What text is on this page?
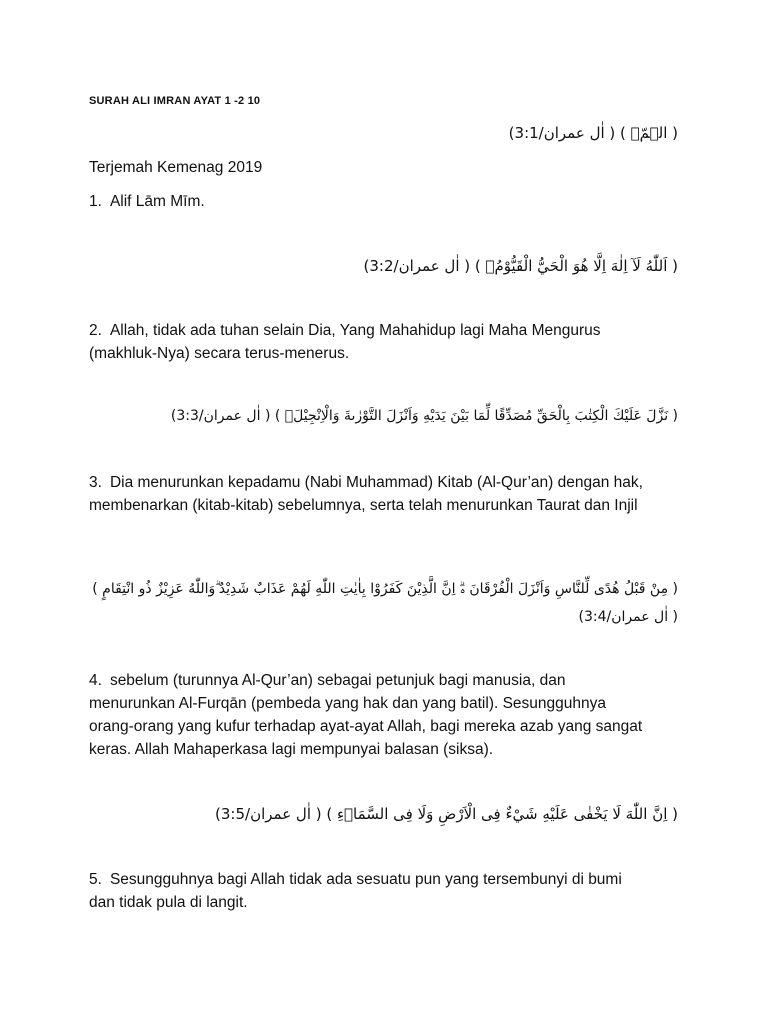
SURAH ALI IMRAN AYAT 1 -2 10
( الۤمّۤ ) ( اٰل عمران/3:1)
Terjemah Kemenag 2019
1. Alif Lām Mīm.
( اَللّٰهُ لَآ اِلٰهَ اِلَّا هُوَ الْحَيُّ الْقَيُّوْمُۗ ) ( اٰل عمران/3:2)
2. Allah, tidak ada tuhan selain Dia, Yang Mahahidup lagi Maha Mengurus (makhluk-Nya) secara terus-menerus.
( نَزَّلَ عَلَيْكَ الْكِتٰبَ بِالْحَقِّ مُصَدِّقًا لِّمَا بَيْنَ يَدَيْهِ وَاَنْزَلَ التَّوْرٰىةَ وَالْاِنْجِيْلَۙ ) ( اٰل عمران/3:3)
3. Dia menurunkan kepadamu (Nabi Muhammad) Kitab (Al-Qur’an) dengan hak, membenarkan (kitab-kitab) sebelumnya, serta telah menurunkan Taurat dan Injil
( مِنْ قَبْلُ هُدًى لِّلنَّاسِ وَاَنْزَلَ الْفُرْقَانَ ەۗ اِنَّ الَّذِيْنَ كَفَرُوْا بِاٰيٰتِ اللّٰهِ لَهُمْ عَذَابٌ شَدِيْدٌ ۗوَاللّٰهُ عَزِيْزٌ ذُو انْتِقَامٍ ) ( اٰل عمران/3:4)
4. sebelum (turunnya Al-Qur’an) sebagai petunjuk bagi manusia, dan menurunkan Al-Furqān (pembeda yang hak dan yang batil). Sesungguhnya orang-orang yang kufur terhadap ayat-ayat Allah, bagi mereka azab yang sangat keras. Allah Mahaperkasa lagi mempunyai balasan (siksa).
( اِنَّ اللّٰهَ لَا يَخْفٰى عَلَيْهِ شَيْءٌ فِى الْاَرْضِ وَلَا فِى السَّمَاۤءِ ) ( اٰل عمران/3:5)
5. Sesungguhnya bagi Allah tidak ada sesuatu pun yang tersembunyi di bumi dan tidak pula di langit.
